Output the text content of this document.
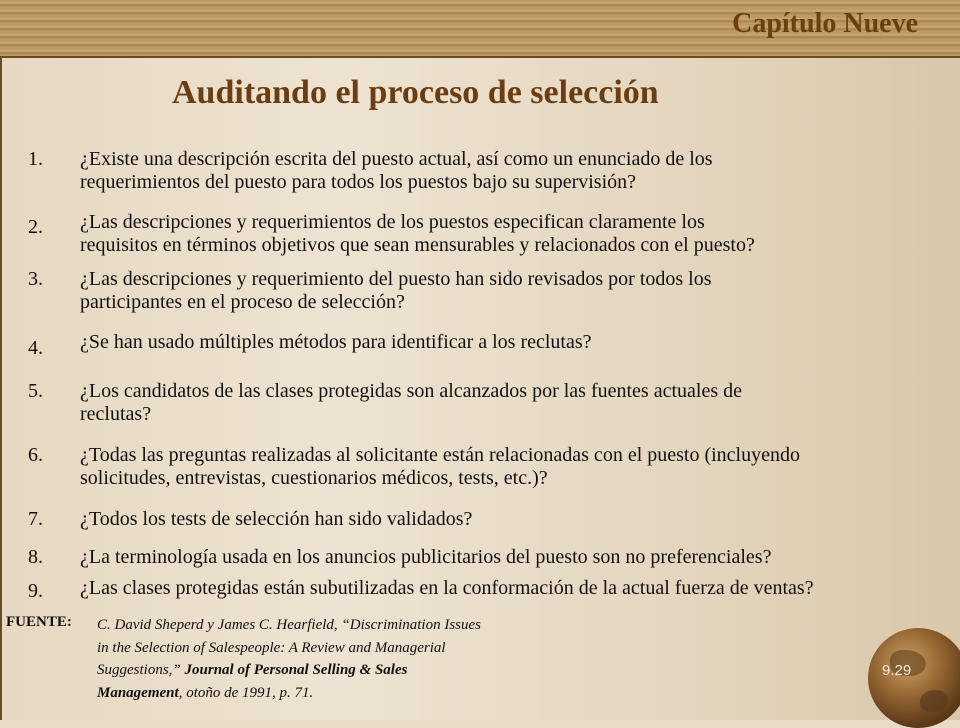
Capítulo Nueve
Auditando el proceso de selección
1. ¿Existe una descripción escrita del puesto actual, así como un enunciado de los
requerimientos del puesto para todos los puestos bajo su supervisión?
2. ¿Las descripciones y requerimientos de los puestos especifican claramente los
requisitos en términos objetivos que sean mensurables y relacionados con el puesto?
3. ¿Las descripciones y requerimiento del puesto han sido revisados por todos los
participantes en el proceso de selección?
4. ¿Se han usado múltiples métodos para identificar a los reclutas?
5. ¿Los candidatos de las clases protegidas son alcanzados por las fuentes actuales de
reclutas?
6. ¿Todas las preguntas realizadas al solicitante están relacionadas con el puesto (incluyendo
solicitudes, entrevistas, cuestionarios médicos, tests, etc.)?
7. ¿Todos los tests de selección han sido validados?
8. ¿La terminología usada en los anuncios publicitarios del puesto son no preferenciales?
9. ¿Las clases protegidas están subutilizadas en la conformación de la actual fuerza de ventas?
FUENTE: C. David Sheperd y James C. Hearfield, “Discrimination Issues
in the Selection of Salespeople: A Review and Managerial
Suggestions,” Journal of Personal Selling & Sales
Management, otoño de 1991, p. 71.
9.29
